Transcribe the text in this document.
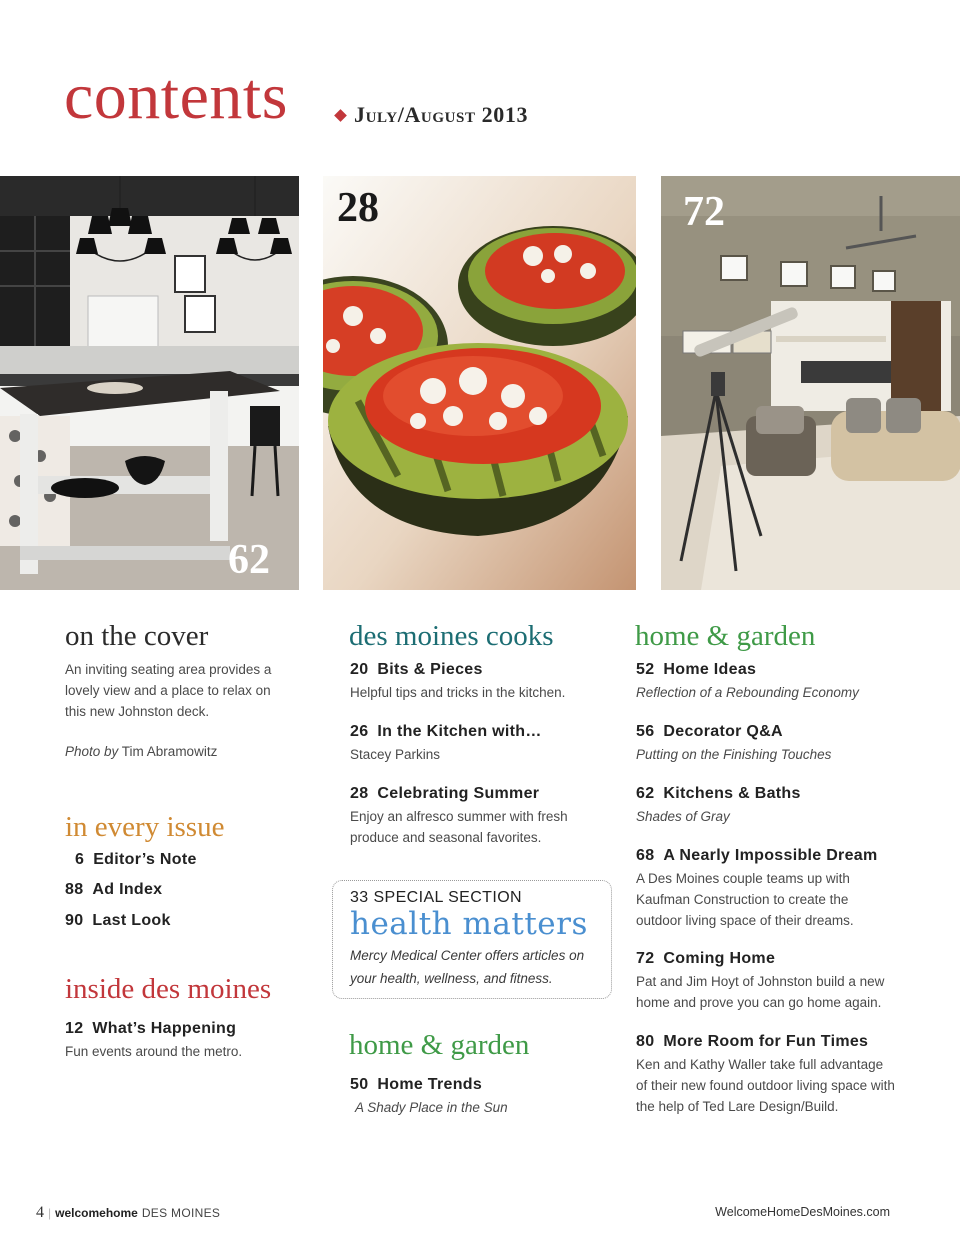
contents	July/August 2013
62
28	72
on the cover
An inviting seating area provides a lovely view and a place to relax on this new Johnston deck.
Photo by Tim Abramowitz
in every issue
6 Editor’s Note
88 Ad Index
90 Last Look
inside des moines
12 What’s Happening
Fun events around the metro.
des moines cooks
20 Bits & Pieces
Helpful tips and tricks in the kitchen.
26 In the Kitchen with…
Stacey Parkins
28 Celebrating Summer
Enjoy an alfresco summer with fresh produce and seasonal favorites.
33 SPECIAL SECTION
health matters
Mercy Medical Center offers articles on your health, wellness, and fitness.
home & garden
50 Home Trends
A Shady Place in the Sun
home & garden
52 Home Ideas
Reflection of a Rebounding Economy
56 Decorator Q&A
Putting on the Finishing Touches
62 Kitchens & Baths
Shades of Gray
68 A Nearly Impossible Dream
A Des Moines couple teams up with Kaufman Construction to create the outdoor living space of their dreams.
72 Coming Home
Pat and Jim Hoyt of Johnston build a new home and prove you can go home again.
80 More Room for Fun Times
Ken and Kathy Waller take full advantage of their new found outdoor living space with the help of Ted Lare Design/Build.
4 | welcomehome DES MOINES	WelcomeHomeDesMoines.com
